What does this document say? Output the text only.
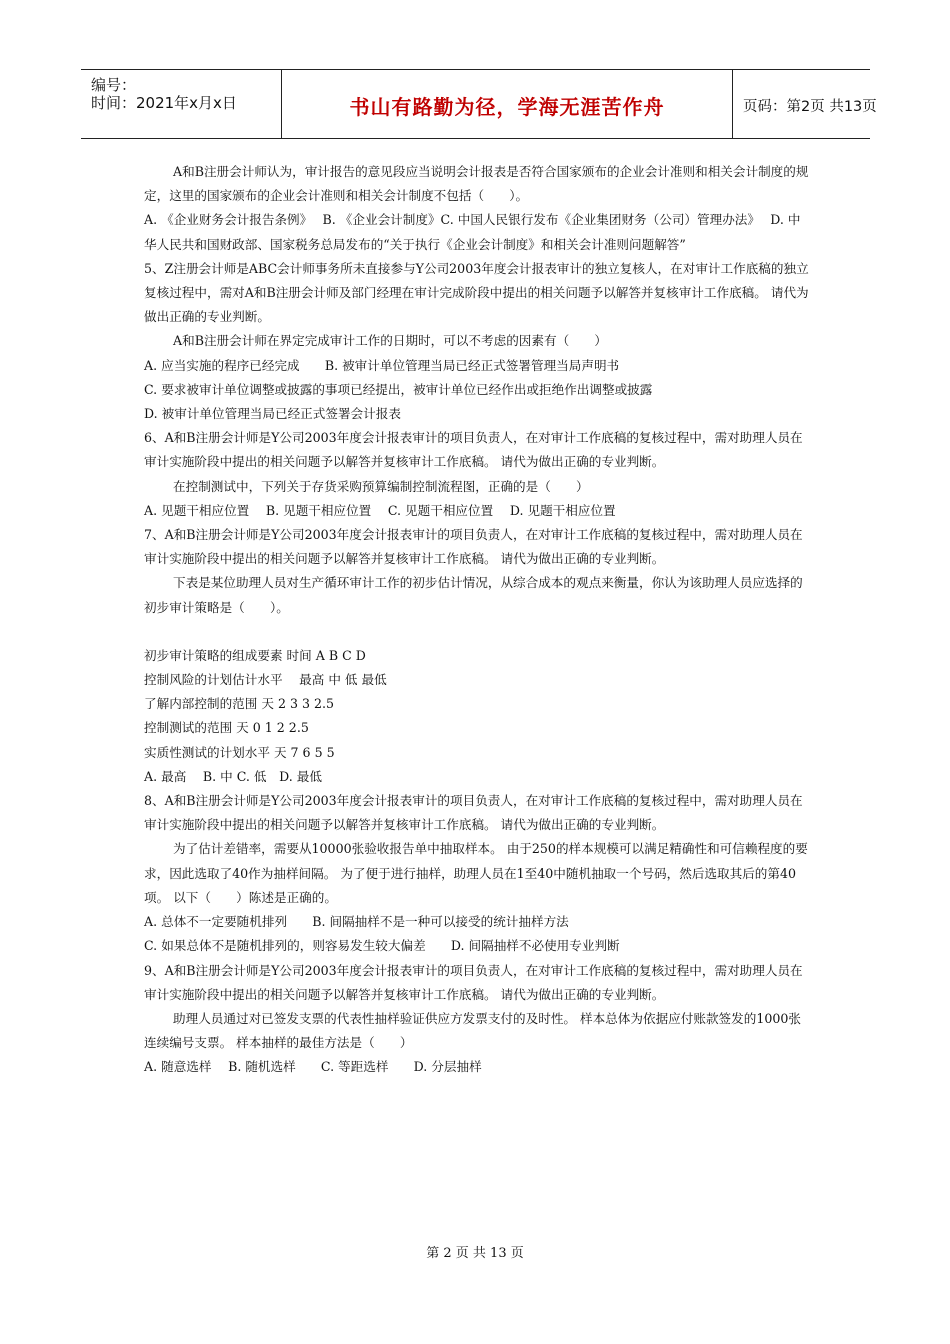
编号：
时间：2021年x月x日	书山有路勤为径，学海无涯苦作舟	页码：第2页 共13页

A和B注册会计师认为，审计报告的意见段应当说明会计报表是否符合国家颁布的企业会计准则和相关会计制度的规定，这里的国家颁布的企业会计准则和相关会计制度不包括（　　）。

A. 《企业财务会计报告条例》　 B. 《企业会计制度》C. 中国人民银行发布《企业集团财务（公司）管理办法》　 D. 中华人民共和国财政部、国家税务总局发布的“关于执行《企业会计制度》和相关会计准则问题解答”

5、Z注册会计师是ABC会计师事务所未直接参与Y公司2003年度会计报表审计的独立复核人，在对审计工作底稿的独立复核过程中，需对A和B注册会计师及部门经理在审计完成阶段中提出的相关问题予以解答并复核审计工作底稿。 请代为做出正确的专业判断。

A和B注册会计师在界定完成审计工作的日期时，可以不考虑的因素有（　　）

A. 应当实施的程序已经完成　　B. 被审计单位管理当局已经正式签署管理当局声明书

C. 要求被审计单位调整或披露的事项已经提出，被审计单位已经作出或拒绝作出调整或披露

D. 被审计单位管理当局已经正式签署会计报表

6、A和B注册会计师是Y公司2003年度会计报表审计的项目负责人，在对审计工作底稿的复核过程中，需对助理人员在审计实施阶段中提出的相关问题予以解答并复核审计工作底稿。 请代为做出正确的专业判断。

在控制测试中，下列关于存货采购预算编制控制流程图，正确的是（　　）

A. 见题干相应位置　 B. 见题干相应位置　 C. 见题干相应位置　 D. 见题干相应位置

7、A和B注册会计师是Y公司2003年度会计报表审计的项目负责人，在对审计工作底稿的复核过程中，需对助理人员在审计实施阶段中提出的相关问题予以解答并复核审计工作底稿。 请代为做出正确的专业判断。

下表是某位助理人员对生产循环审计工作的初步估计情况，从综合成本的观点来衡量，你认为该助理人员应选择的初步审计策略是（　　）。

初步审计策略的组成要素 时间 A B C D

控制风险的计划估计水平　 最高 中 低 最低

了解内部控制的范围 天 2 3 3 2.5

控制测试的范围 天 0 1 2 2.5

实质性测试的计划水平 天 7 6 5 5

A. 最高　 B. 中 C. 低　D. 最低

8、A和B注册会计师是Y公司2003年度会计报表审计的项目负责人，在对审计工作底稿的复核过程中，需对助理人员在审计实施阶段中提出的相关问题予以解答并复核审计工作底稿。 请代为做出正确的专业判断。

为了估计差错率，需要从10000张验收报告单中抽取样本。 由于250的样本规模可以满足精确性和可信赖程度的要求，因此选取了40作为抽样间隔。 为了便于进行抽样，助理人员在1至40中随机抽取一个号码，然后选取其后的第40项。 以下（　　）陈述是正确的。

A. 总体不一定要随机排列　　B. 间隔抽样不是一种可以接受的统计抽样方法

C. 如果总体不是随机排列的，则容易发生较大偏差　　D. 间隔抽样不必使用专业判断

9、A和B注册会计师是Y公司2003年度会计报表审计的项目负责人，在对审计工作底稿的复核过程中，需对助理人员在审计实施阶段中提出的相关问题予以解答并复核审计工作底稿。 请代为做出正确的专业判断。

助理人员通过对已签发支票的代表性抽样验证供应方发票支付的及时性。 样本总体为依据应付账款签发的1000张连续编号支票。 样本抽样的最佳方法是（　　）

A. 随意选样　 B. 随机选样　　C. 等距选样　　D. 分层抽样

第 2 页 共 13 页
